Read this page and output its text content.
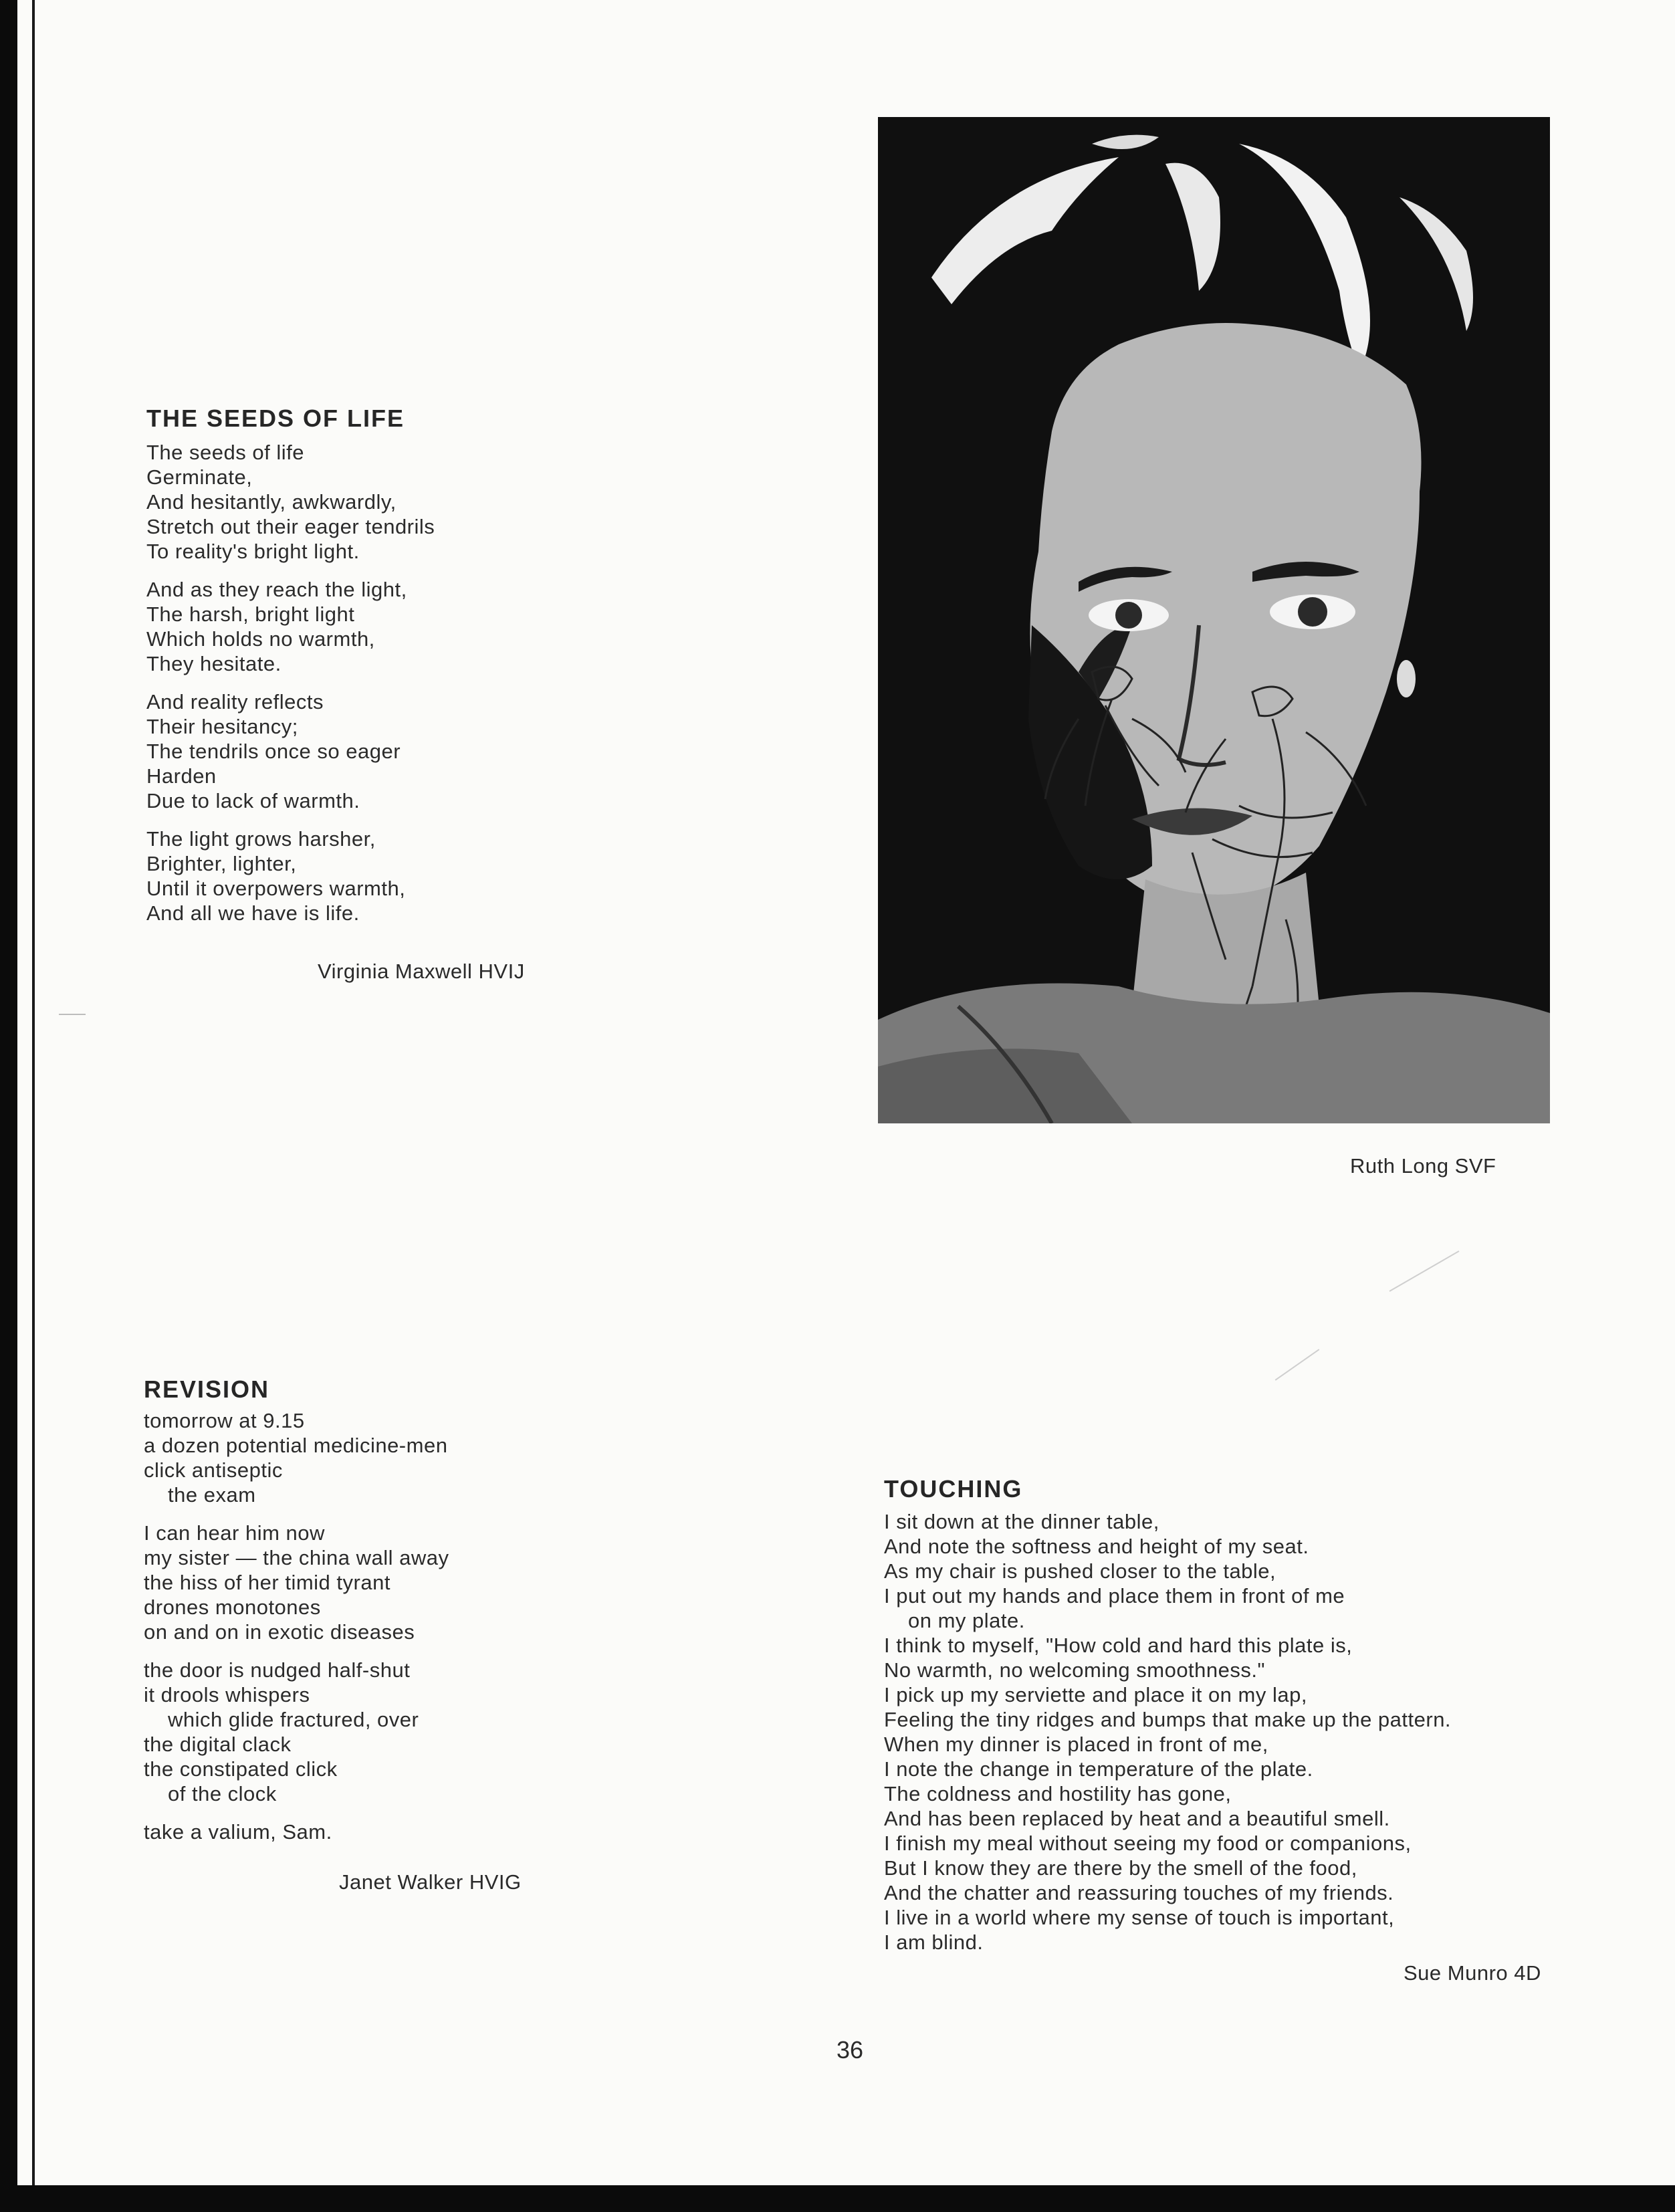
THE SEEDS OF LIFE
The seeds of life
Germinate,
And hesitantly, awkwardly,
Stretch out their eager tendrils
To reality's bright light.
And as they reach the light,
The harsh, bright light
Which holds no warmth,
They hesitate.
And reality reflects
Their hesitancy;
The tendrils once so eager
Harden
Due to lack of warmth.
The light grows harsher,
Brighter, lighter,
Until it overpowers warmth,
And all we have is life.
Virginia Maxwell HVIJ
Ruth Long SVF
REVISION
tomorrow at 9.15
a dozen potential medicine-men
click antiseptic
the exam
I can hear him now
my sister — the china wall away
the hiss of her timid tyrant
drones monotones
on and on in exotic diseases
the door is nudged half-shut
it drools whispers
which glide fractured, over
the digital clack
the constipated click
of the clock
take a valium, Sam.
Janet Walker HVIG
TOUCHING
I sit down at the dinner table,
And note the softness and height of my seat.
As my chair is pushed closer to the table,
I put out my hands and place them in front of me
on my plate.
I think to myself, "How cold and hard this plate is,
No warmth, no welcoming smoothness."
I pick up my serviette and place it on my lap,
Feeling the tiny ridges and bumps that make up the pattern.
When my dinner is placed in front of me,
I note the change in temperature of the plate.
The coldness and hostility has gone,
And has been replaced by heat and a beautiful smell.
I finish my meal without seeing my food or companions,
But I know they are there by the smell of the food,
And the chatter and reassuring touches of my friends.
I live in a world where my sense of touch is important,
I am blind.
Sue Munro 4D
36
